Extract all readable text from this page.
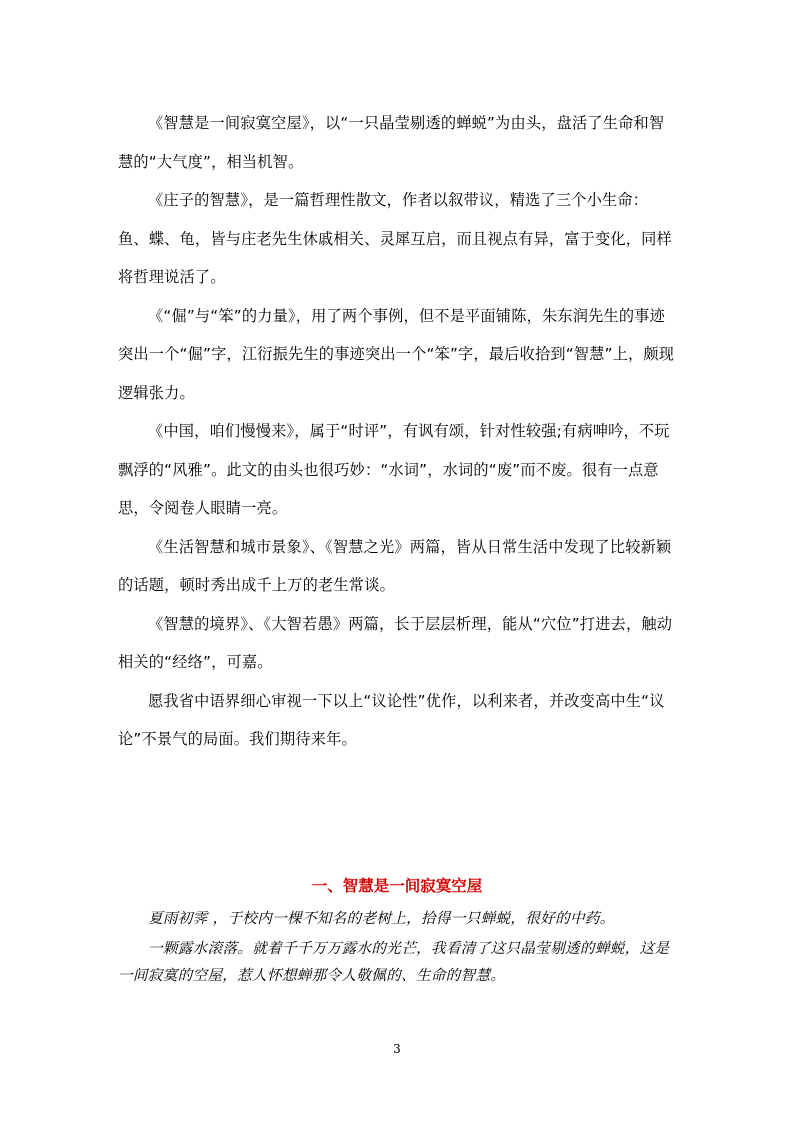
《智慧是一间寂寞空屋》，以“一只晶莹剔透的蝉蜕”为由头，盘活了生命和智慧的“大气度”，相当机智。

《庄子的智慧》，是一篇哲理性散文，作者以叙带议，精选了三个小生命：鱼、蝶、龟，皆与庄老先生休戚相关、灵犀互启，而且视点有异，富于变化，同样将哲理说活了。

《“倔”与“笨”的力量》，用了两个事例，但不是平面铺陈，朱东润先生的事迹突出一个“倔”字，江衍振先生的事迹突出一个“笨”字，最后收拾到“智慧”上，颇现逻辑张力。

《中国，咱们慢慢来》，属于“时评”，有讽有颂，针对性较强;有病呻吟，不玩飘浮的“风雅”。此文的由头也很巧妙：“水词”，水词的“废”而不废。很有一点意思，令阅卷人眼睛一亮。

《生活智慧和城市景象》、《智慧之光》两篇，皆从日常生活中发现了比较新颖的话题，顿时秀出成千上万的老生常谈。

《智慧的境界》、《大智若愚》两篇，长于层层析理，能从“穴位”打进去，触动相关的“经络”，可嘉。

愿我省中语界细心审视一下以上“议论性”优作，以利来者，并改变高中生“议论”不景气的局面。我们期待来年。

一、智慧是一间寂寞空屋

夏雨初霁 ，于校内一棵不知名的老树上，拾得一只蝉蜕，很好的中药。

一颗露水滚落。就着千千万万露水的光芒，我看清了这只晶莹剔透的蝉蜕，这是一间寂寞的空屋，惹人怀想蝉那令人敬佩的、生命的智慧。

3
